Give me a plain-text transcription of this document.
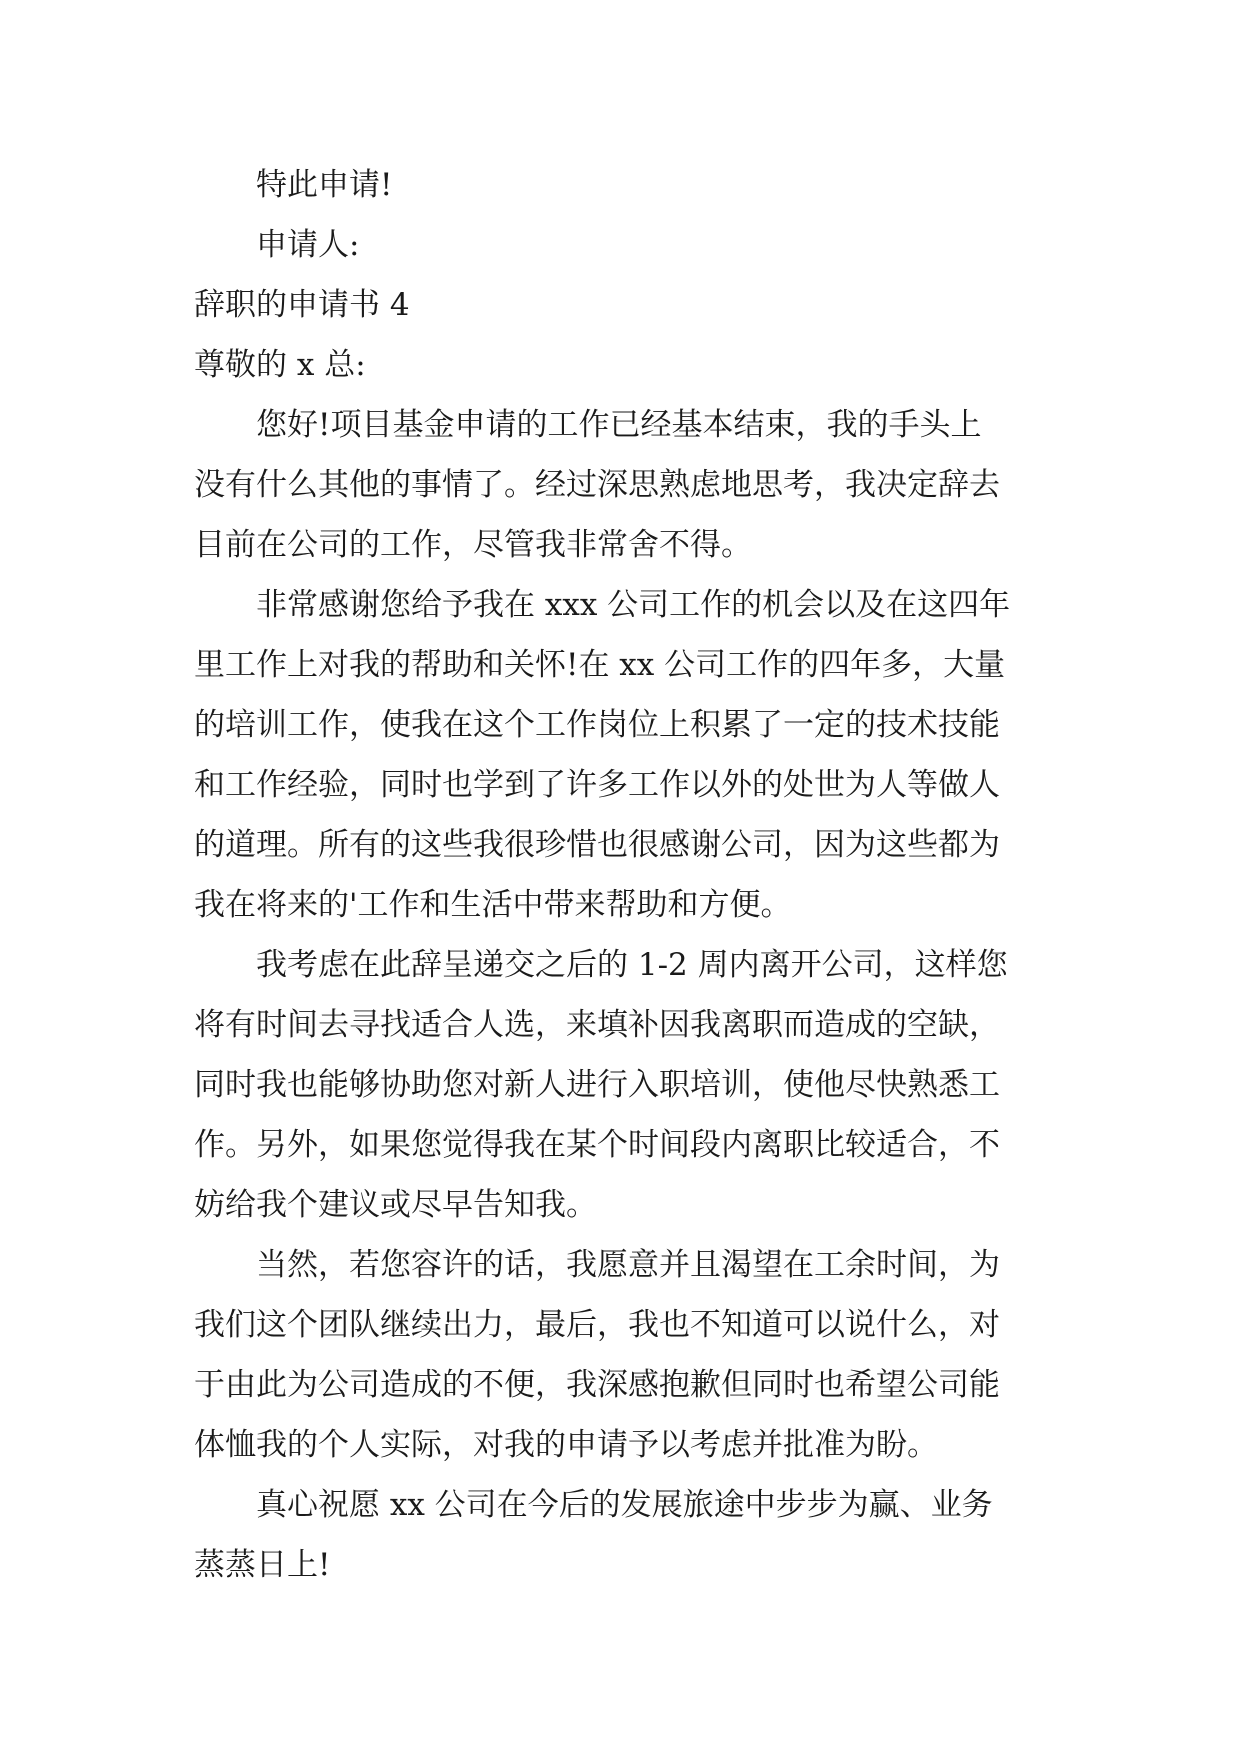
特此申请!
申请人:
辞职的申请书 4
尊敬的 x 总:
您好!项目基金申请的工作已经基本结束，我的手头上
没有什么其他的事情了。经过深思熟虑地思考，我决定辞去
目前在公司的工作，尽管我非常舍不得。
非常感谢您给予我在 xxx 公司工作的机会以及在这四年
里工作上对我的帮助和关怀!在 xx 公司工作的四年多，大量
的培训工作，使我在这个工作岗位上积累了一定的技术技能
和工作经验，同时也学到了许多工作以外的处世为人等做人
的道理。所有的这些我很珍惜也很感谢公司，因为这些都为
我在将来的'工作和生活中带来帮助和方便。
我考虑在此辞呈递交之后的 1-2 周内离开公司，这样您
将有时间去寻找适合人选，来填补因我离职而造成的空缺，
同时我也能够协助您对新人进行入职培训，使他尽快熟悉工
作。另外，如果您觉得我在某个时间段内离职比较适合，不
妨给我个建议或尽早告知我。
当然，若您容许的话，我愿意并且渴望在工余时间，为
我们这个团队继续出力，最后，我也不知道可以说什么，对
于由此为公司造成的不便，我深感抱歉但同时也希望公司能
体恤我的个人实际，对我的申请予以考虑并批准为盼。
真心祝愿 xx 公司在今后的发展旅途中步步为赢、业务
蒸蒸日上!
